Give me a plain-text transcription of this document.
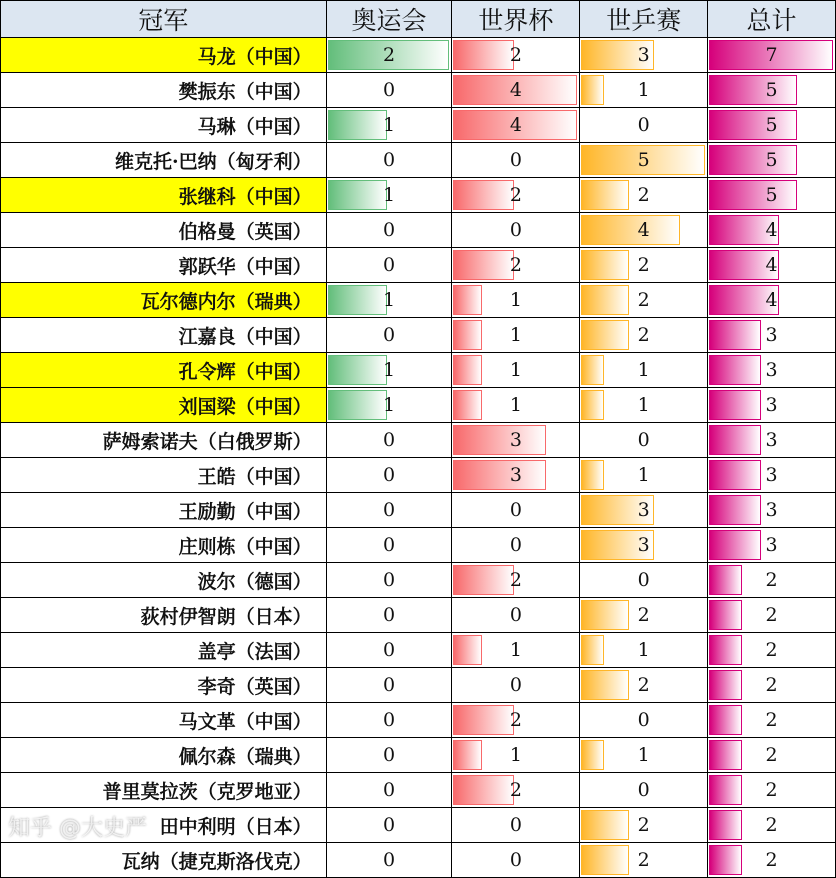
冠军	奥运会	世界杯	世乒赛	总计
马龙（中国）	2	2	3	7
樊振东（中国）	0	4	1	5
马琳（中国）	1	4	0	5
维克托·巴纳（匈牙利）	0	0	5	5
张继科（中国）	1	2	2	5
伯格曼（英国）	0	0	4	4
郭跃华（中国）	0	2	2	4
瓦尔德内尔（瑞典）	1	1	2	4
江嘉良（中国）	0	1	2	3
孔令辉（中国）	1	1	1	3
刘国梁（中国）	1	1	1	3
萨姆索诺夫（白俄罗斯）	0	3	0	3
王皓（中国）	0	3	1	3
王励勤（中国）	0	0	3	3
庄则栋（中国）	0	0	3	3
波尔（德国）	0	2	0	2
荻村伊智朗（日本）	0	0	2	2
盖亭（法国）	0	1	1	2
李奇（英国）	0	0	2	2
马文革（中国）	0	2	0	2
佩尔森（瑞典）	0	1	1	2
普里莫拉茨（克罗地亚）	0	2	0	2
田中利明（日本）	0	0	2	2
瓦纳（捷克斯洛伐克）	0	0	2	2
知乎 @大史严
